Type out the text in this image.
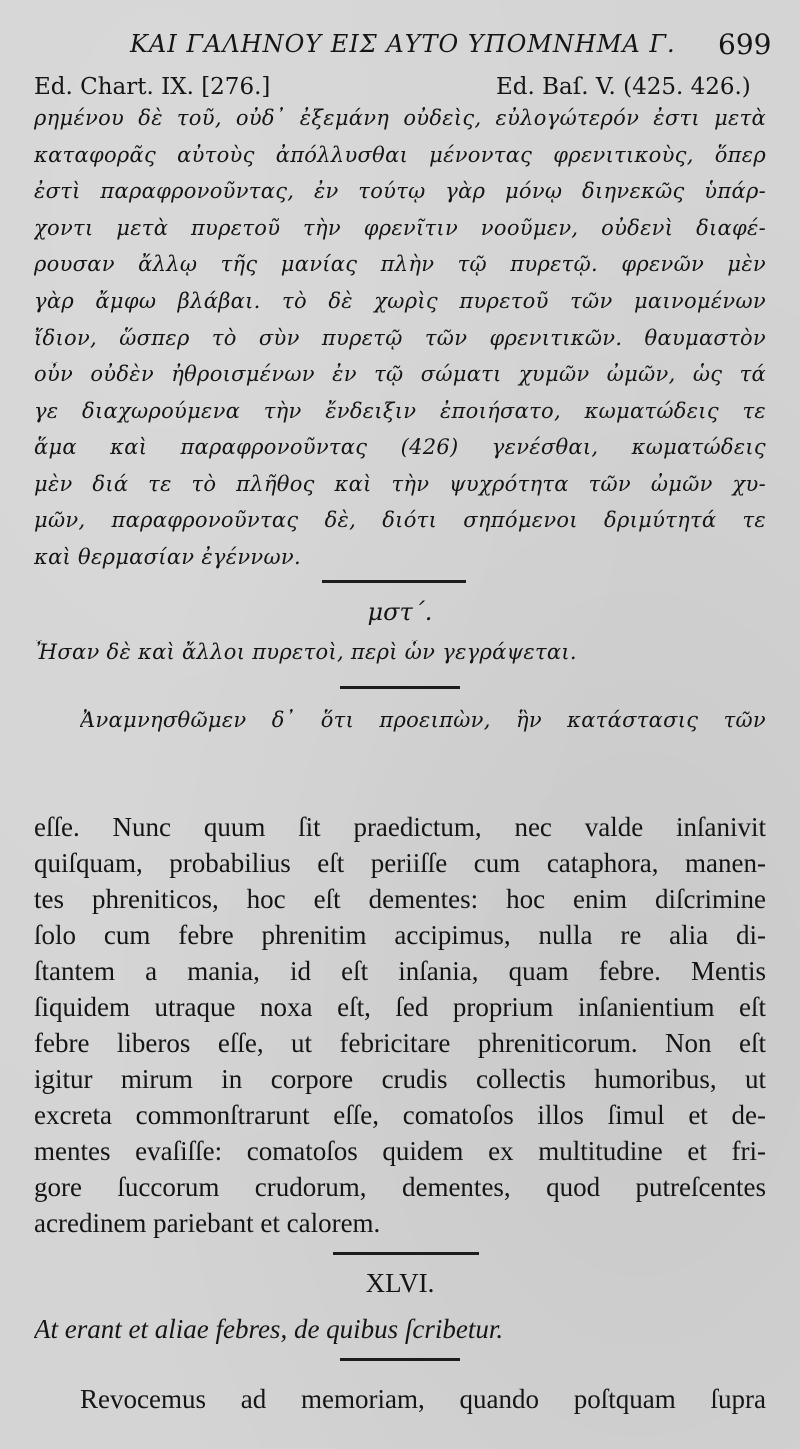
ΚΑΙ ΓΑΛΗΝΟΥ ΕΙΣ ΑΥΤΟ ΥΠΟΜΝΗΜΑ Γ. 699
Ed. Chart. IX. [276.]	Ed. Baſ. V. (425. 426.)
ρημένου δὲ τοῦ, οὐδ᾽ ἐξεμάνη οὐδεὶς, εὐλογώτερόν ἐστι μετὰ
καταφορᾶς αὐτοὺς ἀπόλλυσθαι μένοντας φρενιτικοὺς, ὅπερ
ἐστὶ παραφρονοῦντας, ἐν τούτῳ γὰρ μόνῳ διηνεκῶς ὑπάρ-
χοντι μετὰ πυρετοῦ τὴν φρενῖτιν νοοῦμεν, οὐδενὶ διαφέ-
ρουσαν ἄλλῳ τῆς μανίας πλὴν τῷ πυρετῷ. φρενῶν μὲν
γὰρ ἄμφω βλάβαι. τὸ δὲ χωρὶς πυρετοῦ τῶν μαινομένων
ἴδιον, ὥσπερ τὸ σὺν πυρετῷ τῶν φρενιτικῶν. θαυμαστὸν
οὖν οὐδὲν ἠθροισμένων ἐν τῷ σώματι χυμῶν ὠμῶν, ὡς τά
γε διαχωρούμενα τὴν ἔνδειξιν ἐποιήσατο, κωματώδεις τε
ἅμα καὶ παραφρονοῦντας (426) γενέσθαι, κωματώδεις
μὲν διά τε τὸ πλῆθος καὶ τὴν ψυχρότητα τῶν ὠμῶν χυ-
μῶν, παραφρονοῦντας δὲ, διότι σηπόμενοι δριμύτητά τε
καὶ θερμασίαν ἐγέννων.
μστ΄.
Ἦσαν δὲ καὶ ἄλλοι πυρετοὶ, περὶ ὧν γεγράψεται.
Ἀναμνησθῶμεν δ᾽ ὅτι προειπὼν, ἣν κατάστασις τῶν
eſſe. Nunc quum ſit praedictum, nec valde inſanivit
quiſquam, probabilius eſt periiſſe cum cataphora, manen-
tes phreniticos, hoc eſt dementes: hoc enim diſcrimine
ſolo cum febre phrenitim accipimus, nulla re alia di-
ſtantem a mania, id eſt inſania, quam febre. Mentis
ſiquidem utraque noxa eſt, ſed proprium inſanientium eſt
febre liberos eſſe, ut febricitare phreniticorum. Non eſt
igitur mirum in corpore crudis collectis humoribus, ut
excreta commonſtrarunt eſſe, comatoſos illos ſimul et de-
mentes evaſiſſe: comatoſos quidem ex multitudine et fri-
gore ſuccorum crudorum, dementes, quod putreſcentes
acredinem pariebant et calorem.
XLVI.
At erant et aliae febres, de quibus ſcribetur.
Revocemus ad memoriam, quando poſtquam ſupra
